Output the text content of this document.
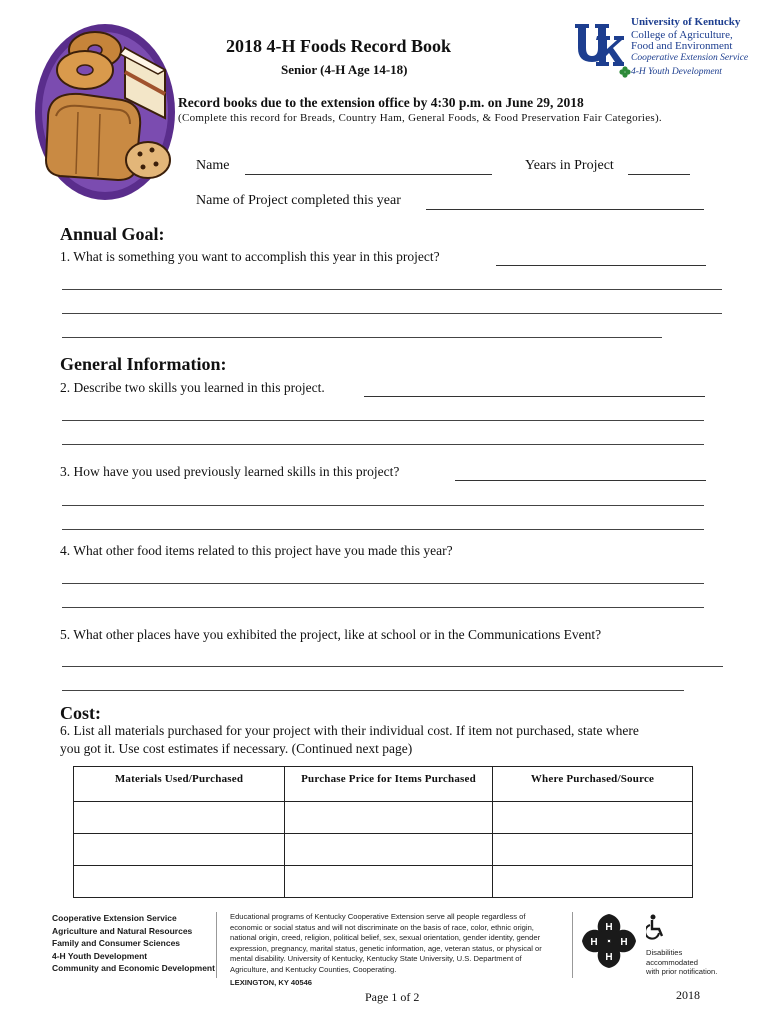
University of Kentucky
College of Agriculture,
Food and Environment
Cooperative Extension Service
4-H Youth Development
2018 4-H Foods Record Book
Senior (4-H Age 14-18)
Record books due to the extension office by 4:30 p.m. on June 29, 2018
(Complete this record for Breads, Country Ham, General Foods, & Food Preservation Fair Categories).
Name	Years in Project
Name of Project completed this year
Annual Goal:
1. What is something you want to accomplish this year in this project?
General Information:
2. Describe two skills you learned in this project.
3. How have you used previously learned skills in this project?
4. What other food items related to this project have you made this year?
5. What other places have you exhibited the project, like at school or in the Communications Event?
Cost:
6. List all materials purchased for your project with their individual cost. If item not purchased, state where
you got it. Use cost estimates if necessary. (Continued next page)
Materials Used/Purchased	Purchase Price for Items Purchased	Where Purchased/Source

Cooperative Extension Service
Agriculture and Natural Resources
Family and Consumer Sciences
4-H Youth Development
Community and Economic Development
Educational programs of Kentucky Cooperative Extension serve all people regardless of economic or social status and will not discriminate on the basis of race, color, ethnic origin, national origin, creed, religion, political belief, sex, sexual orientation, gender identity, gender expression, pregnancy, marital status, genetic information, age, veteran status, or physical or mental disability. University of Kentucky, Kentucky State University, U.S. Department of Agriculture, and Kentucky Counties, Cooperating.
LEXINGTON, KY 40546
H
H
H
H
Disabilities
accommodated
with prior notification.
Page 1 of 2	2018
